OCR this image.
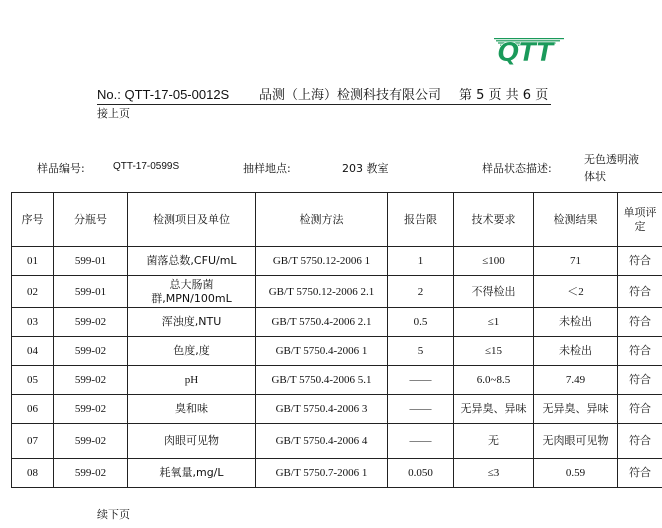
QTT
No.: QTT-17-05-0012S	品测（上海）检测科技有限公司	第 5 页 共 6 页
接上页
样品编号:	QTT-17-0599S	抽样地点:	203 教室	样品状态描述:
无色透明液体状
序号	分瓶号	检测项目及单位	检测方法	报告限	技术要求	检测结果	单项评定
01	599-01	菌落总数,CFU/mL	GB/T 5750.12-2006 1	1	≤100	71	符合
02	599-01	总大肠菌群,MPN/100mL	GB/T 5750.12-2006 2.1	2	不得检出	＜2	符合
03	599-02	浑浊度,NTU	GB/T 5750.4-2006 2.1	0.5	≤1	未检出	符合
04	599-02	色度,度	GB/T 5750.4-2006 1	5	≤15	未检出	符合
05	599-02	pH	GB/T 5750.4-2006 5.1	——	6.0~8.5	7.49	符合
06	599-02	臭和味	GB/T 5750.4-2006 3	——	无异臭、异味	无异臭、异味	符合
07	599-02	肉眼可见物	GB/T 5750.4-2006 4	——	无	无肉眼可见物	符合
08	599-02	耗氧量,mg/L	GB/T 5750.7-2006 1	0.050	≤3	0.59	符合
续下页
